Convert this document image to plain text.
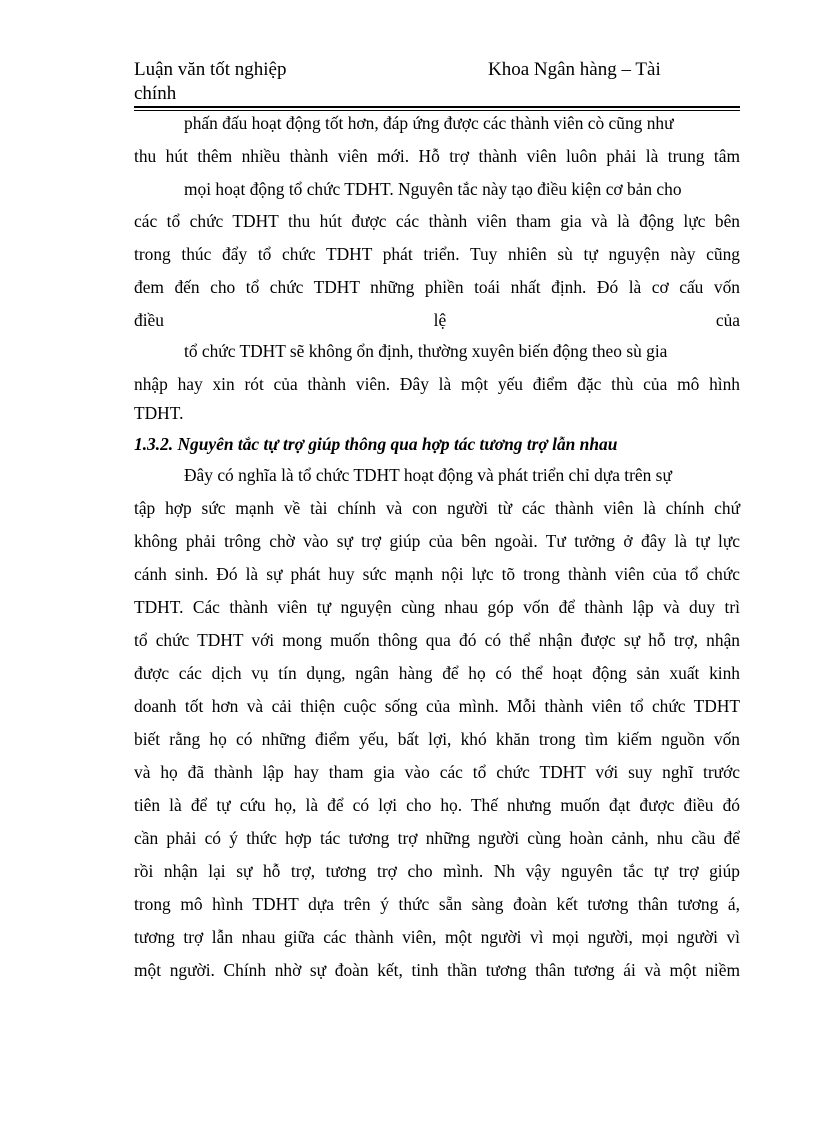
Luận văn tốt nghiệp	Khoa Ngân hàng – Tài
chính
phấn đấu hoạt động tốt hơn, đáp ứng được các thành viên cò cũng như
thu hút thêm nhiều thành viên mới. Hỗ trợ thành viên luôn phải là trung tâm
mọi hoạt động tổ chức TDHT. Nguyên tắc này tạo điều kiện cơ bản cho
các tổ chức TDHT thu hút được các thành viên tham gia và là động lực bên
trong thúc đẩy tổ chức TDHT phát triển. Tuy nhiên sù tự nguyện này cũng
đem đến cho tổ chức TDHT những phiền toái nhất định. Đó là cơ cấu vốn
điều lệ của
tổ chức TDHT sẽ không ổn định, thường xuyên biến động theo sù gia
nhập hay xin rót của thành viên. Đây là một yếu điểm đặc thù của mô hình
TDHT.
1.3.2. Nguyên tắc tự trợ giúp thông qua hợp tác tương trợ lẫn nhau
Đây có nghĩa là tổ chức TDHT hoạt động và phát triển chỉ dựa trên sự
tập hợp sức mạnh về tài chính và con người từ các thành viên là chính chứ
không phải trông chờ vào sự trợ giúp của bên ngoài. Tư tưởng ở đây là tự lực
cánh sinh. Đó là sự phát huy sức mạnh nội lực tõ trong thành viên của tổ chức
TDHT. Các thành viên tự nguyện cùng nhau góp vốn để thành lập và duy trì
tổ chức TDHT với mong muốn thông qua đó có thể nhận được sự hỗ trợ, nhận
được các dịch vụ tín dụng, ngân hàng để họ có thể hoạt động sản xuất kinh
doanh tốt hơn và cải thiện cuộc sống của mình. Mỗi thành viên tổ chức TDHT
biết rằng họ có những điểm yếu, bất lợi, khó khăn trong tìm kiếm nguồn vốn
và họ đã thành lập hay tham gia vào các tổ chức TDHT với suy nghĩ trước
tiên là để tự cứu họ, là để có lợi cho họ. Thế nhưng muốn đạt được điều đó
cần phải có ý thức hợp tác tương trợ những người cùng hoàn cảnh, nhu cầu để
rồi nhận lại sự hỗ trợ, tương trợ cho mình. Nh vậy nguyên tắc tự trợ giúp
trong mô hình TDHT dựa trên ý thức sẵn sàng đoàn kết tương thân tương á,
tương trợ lẫn nhau giữa các thành viên, một người vì mọi người, mọi người vì
một người. Chính nhờ sự đoàn kết, tinh thần tương thân tương ái và một niềm
